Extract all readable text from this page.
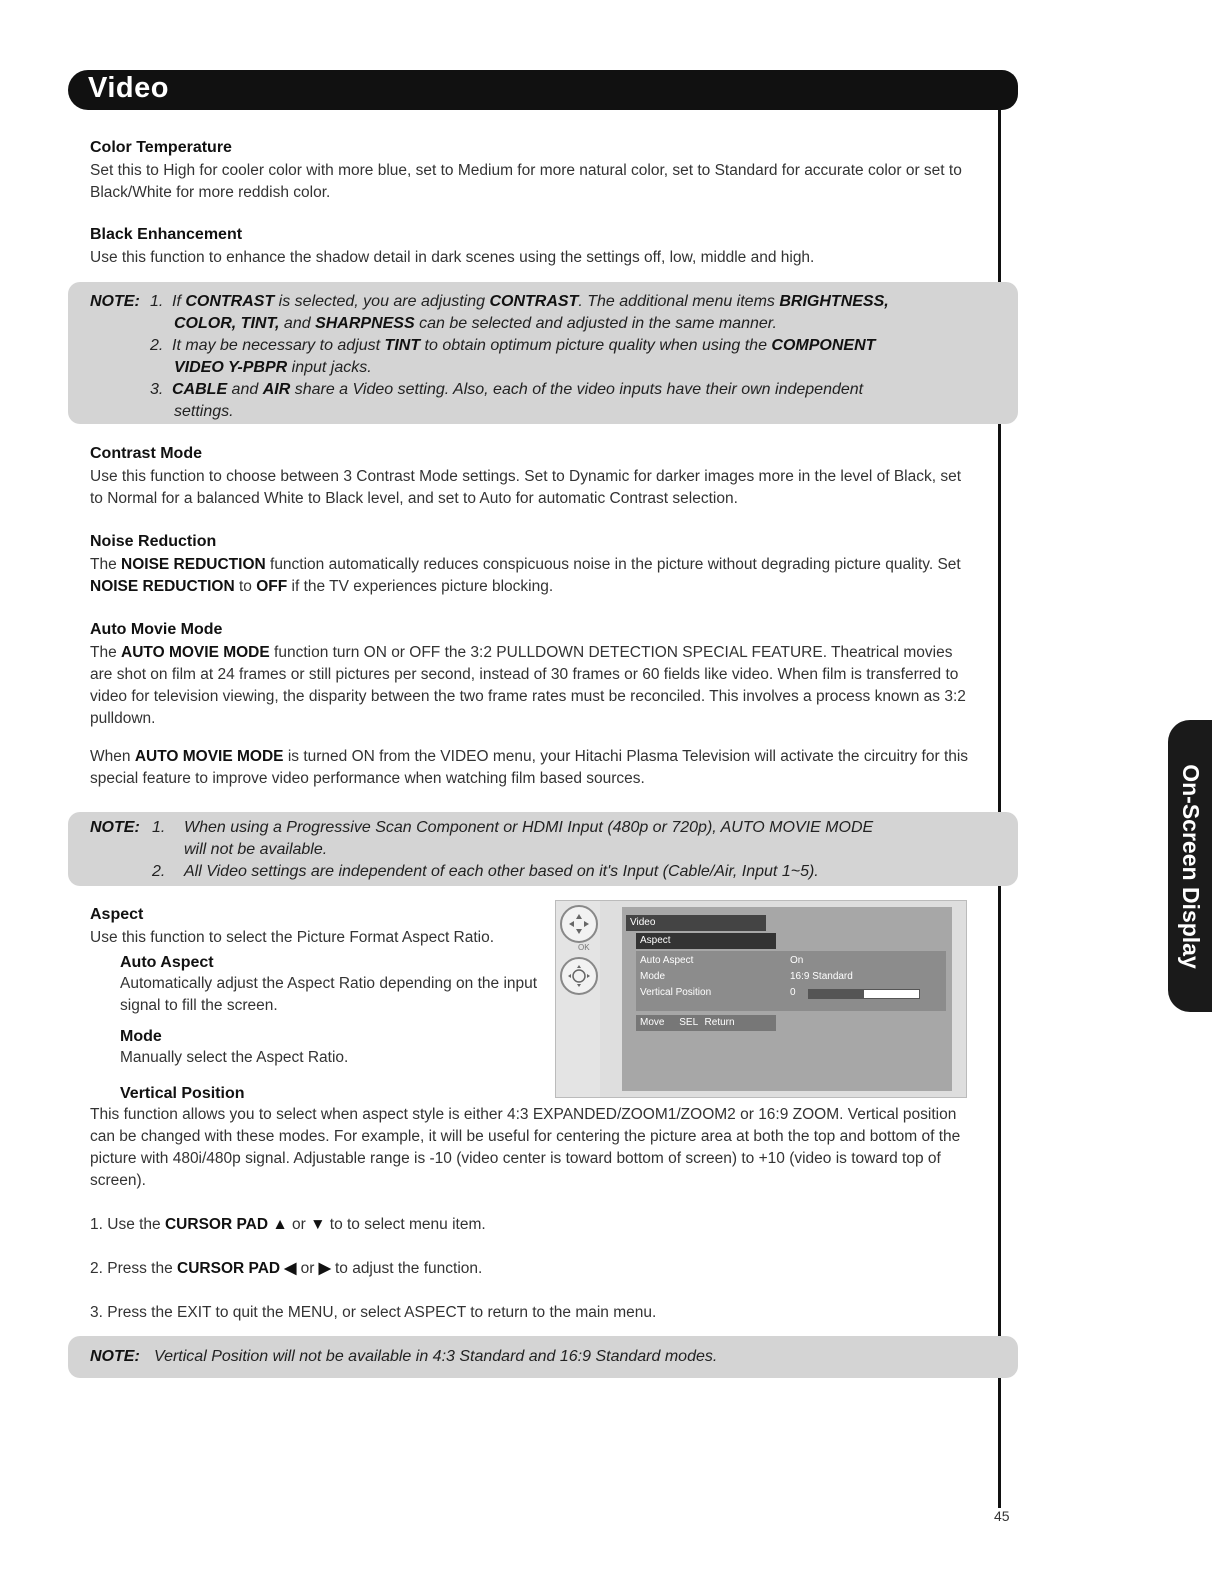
Video
On-Screen Display
Color Temperature

Set this to High for cooler color with more blue, set to Medium for more natural color, set to Standard for accurate color or set to Black/White for more reddish color.

Black Enhancement

Use this function to enhance the shadow detail in dark scenes using the settings off, low, middle and high.

NOTE: 1. If CONTRAST is selected, you are adjusting CONTRAST. The additional menu items BRIGHTNESS,
COLOR, TINT, and SHARPNESS can be selected and adjusted in the same manner.
2. It may be necessary to adjust TINT to obtain optimum picture quality when using the COMPONENT
VIDEO Y-PBPR input jacks.
3. CABLE and AIR share a Video setting. Also, each of the video inputs have their own independent
settings.
Contrast Mode

Use this function to choose between 3 Contrast Mode settings. Set to Dynamic for darker images more in the level of Black, set to Normal for a balanced White to Black level, and set to Auto for automatic Contrast selection.

Noise Reduction

The NOISE REDUCTION function automatically reduces conspicuous noise in the picture without degrading picture quality. Set NOISE REDUCTION to OFF if the TV experiences picture blocking.

Auto Movie Mode

The AUTO MOVIE MODE function turn ON or OFF the 3:2 PULLDOWN DETECTION SPECIAL FEATURE. Theatrical movies are shot on film at 24 frames or still pictures per second, instead of 30 frames or 60 fields like video. When film is transferred to video for television viewing, the disparity between the two frame rates must be reconciled. This involves a process known as 3:2 pulldown.

When AUTO MOVIE MODE is turned ON from the VIDEO menu, your Hitachi Plasma Television will activate the circuitry for this special feature to improve video performance when watching film based sources.

NOTE: 1. When using a Progressive Scan Component or HDMI Input (480p or 720p), AUTO MOVIE MODE
will not be available.
2. All Video settings are independent of each other based on it's Input (Cable/Air, Input 1~5).
Aspect

Use this function to select the Picture Format Aspect Ratio.

Auto Aspect

Automatically adjust the Aspect Ratio depending on the input signal to fill the screen.

Mode

Manually select the Aspect Ratio.

Vertical Position

This function allows you to select when aspect style is either 4:3 EXPANDED/ZOOM1/ZOOM2 or 16:9 ZOOM. Vertical position can be changed with these modes. For example, it will be useful for centering the picture area at both the top and bottom of the picture with 480i/480p signal. Adjustable range is -10 (video center is toward bottom of screen) to +10 (video is toward top of screen).

OK
Video
Aspect
Auto Aspect	On
Mode	16:9 Standard
Vertical Position	0
Move SEL Return

1. Use the CURSOR PAD ▲ or ▼ to to select menu item.

2. Press the CURSOR PAD ◀ or ▶ to adjust the function.

3. Press the EXIT to quit the MENU, or select ASPECT to return to the main menu.

NOTE: Vertical Position will not be available in 4:3 Standard and 16:9 Standard modes.
45
